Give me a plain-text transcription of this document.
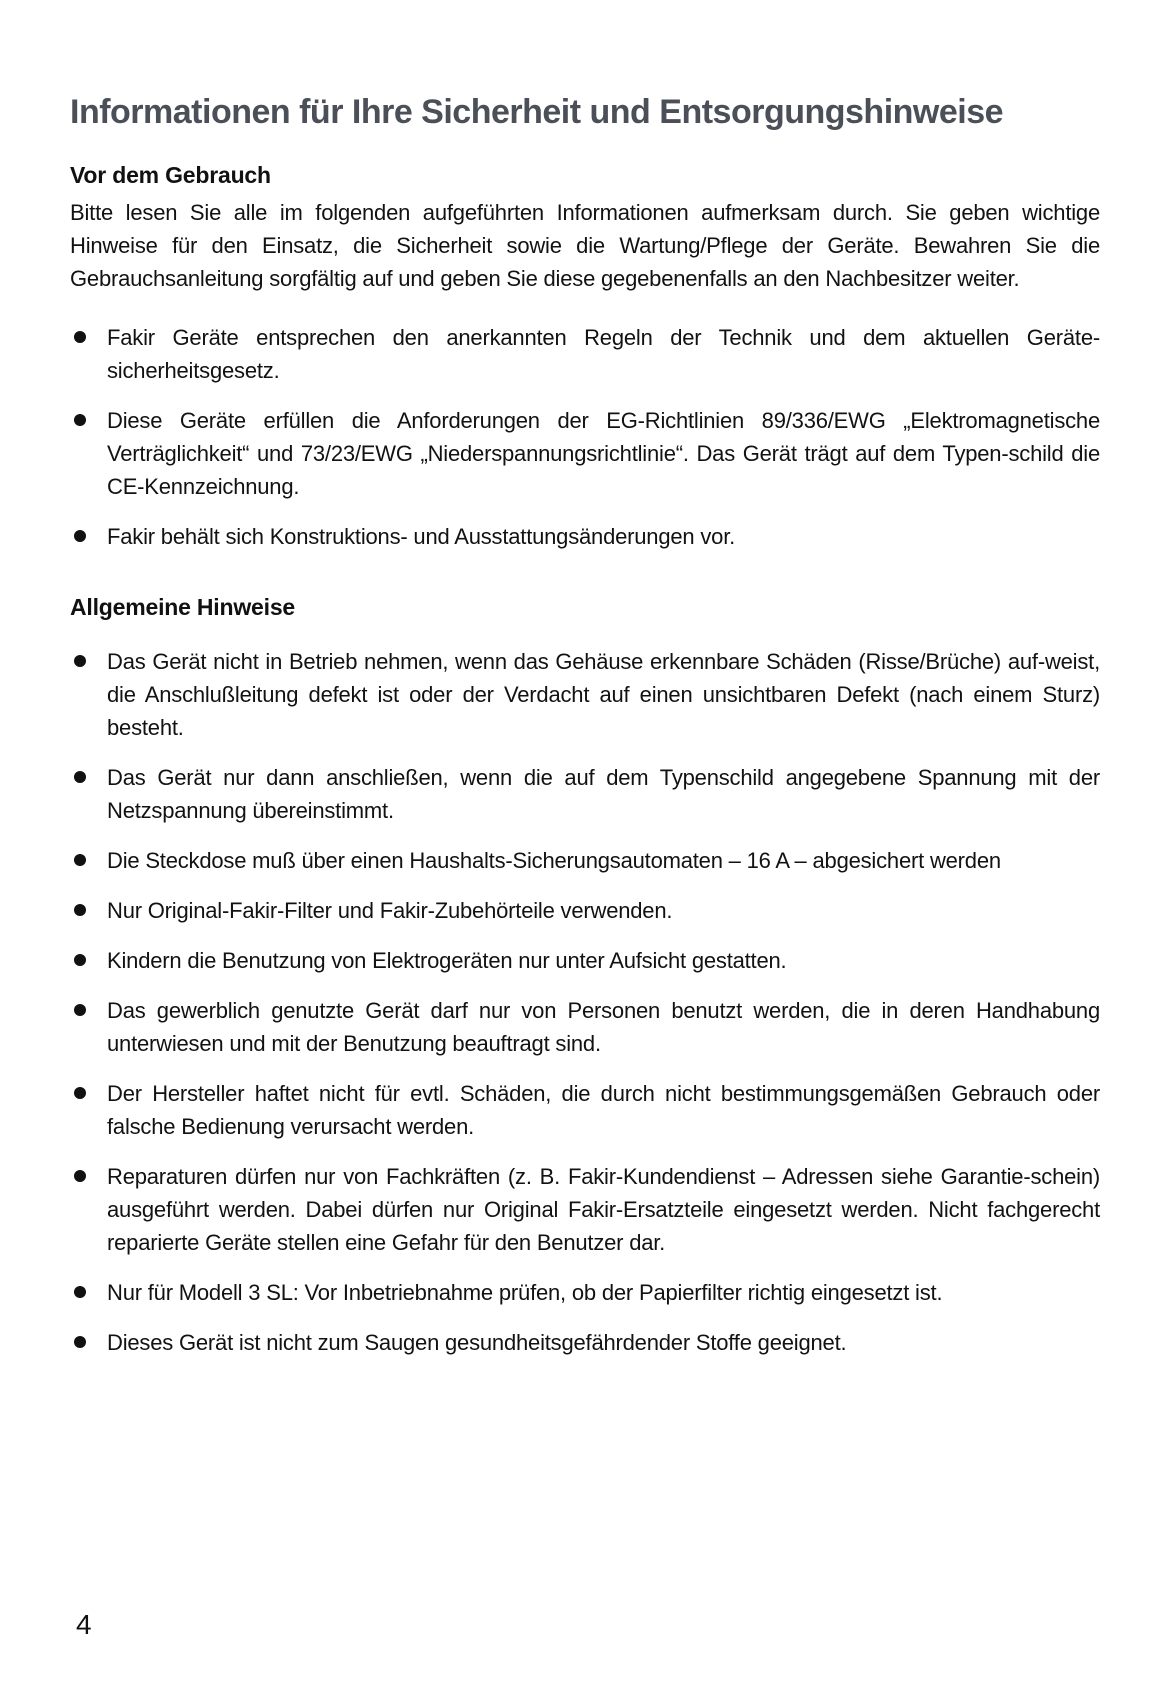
Informationen für Ihre Sicherheit und Entsorgungshinweise
Vor dem Gebrauch

Bitte lesen Sie alle im folgenden aufgeführten Informationen aufmerksam durch. Sie geben wichtige Hinweise für den Einsatz, die Sicherheit sowie die Wartung/Pflege der Geräte. Bewahren Sie die Gebrauchsanleitung sorgfältig auf und geben Sie diese gegebenenfalls an den Nachbesitzer weiter.

Fakir Geräte entsprechen den anerkannten Regeln der Technik und dem aktuellen Geräte-sicherheitsgesetz.
Diese Geräte erfüllen die Anforderungen der EG-Richtlinien 89/336/EWG „Elektromagnetische Verträglichkeit“ und 73/23/EWG „Niederspannungsrichtlinie“. Das Gerät trägt auf dem Typen-schild die CE-Kennzeichnung.
Fakir behält sich Konstruktions- und Ausstattungsänderungen vor.
Allgemeine Hinweise
Das Gerät nicht in Betrieb nehmen, wenn das Gehäuse erkennbare Schäden (Risse/Brüche) auf-weist, die Anschlußleitung defekt ist oder der Verdacht auf einen unsichtbaren Defekt (nach einem Sturz) besteht.
Das Gerät nur dann anschließen, wenn die auf dem Typenschild angegebene Spannung mit der Netzspannung übereinstimmt.
Die Steckdose muß über einen Haushalts-Sicherungsautomaten – 16 A – abgesichert werden
Nur Original-Fakir-Filter und Fakir-Zubehörteile verwenden.
Kindern die Benutzung von Elektrogeräten nur unter Aufsicht gestatten.
Das gewerblich genutzte Gerät darf nur von Personen benutzt werden, die in deren Handhabung unterwiesen und mit der Benutzung beauftragt sind.
Der Hersteller haftet nicht für evtl. Schäden, die durch nicht bestimmungsgemäßen Gebrauch oder falsche Bedienung verursacht werden.
Reparaturen dürfen nur von Fachkräften (z. B. Fakir-Kundendienst – Adressen siehe Garantie-schein) ausgeführt werden. Dabei dürfen nur Original Fakir-Ersatzteile eingesetzt werden. Nicht fachgerecht reparierte Geräte stellen eine Gefahr für den Benutzer dar.
Nur für Modell 3 SL: Vor Inbetriebnahme prüfen, ob der Papierfilter richtig eingesetzt ist.
Dieses Gerät ist nicht zum Saugen gesundheitsgefährdender Stoffe geeignet.
4
